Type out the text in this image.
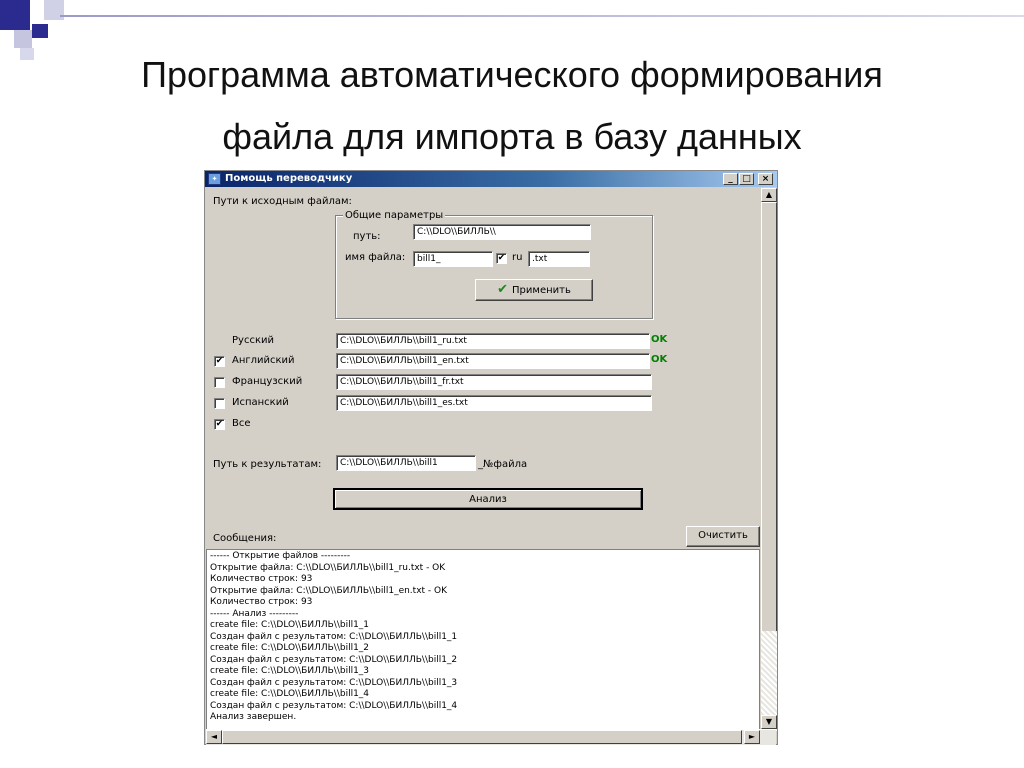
Программа автоматического формирования
файла для импорта в базу данных
✦ Помощь переводчику	_	□	×
Пути к исходным файлам:
Общие параметры
путь:	C:\\DLO\\БИЛЛЬ\\
имя файла:	bill1_	✔ ru	.txt
✔ Применить
Русский	C:\\DLO\\БИЛЛЬ\\bill1_ru.txt	OK
✔ Английский	C:\\DLO\\БИЛЛЬ\\bill1_en.txt	OK
Французский	C:\\DLO\\БИЛЛЬ\\bill1_fr.txt
Испанский	C:\\DLO\\БИЛЛЬ\\bill1_es.txt
✔ Все
Путь к результатам:	C:\\DLO\\БИЛЛЬ\\bill1	_№файла
Анализ
Сообщения:	Очистить
▲
------ Открытие файлов ---------
Открытие файла: C:\\DLO\\БИЛЛЬ\\bill1_ru.txt - OK
Количество строк: 93
Открытие файла: C:\\DLO\\БИЛЛЬ\\bill1_en.txt - OK
Количество строк: 93
------ Анализ ---------
create file: C:\\DLO\\БИЛЛЬ\\bill1_1
Создан файл с результатом: C:\\DLO\\БИЛЛЬ\\bill1_1
create file: C:\\DLO\\БИЛЛЬ\\bill1_2
Создан файл с результатом: C:\\DLO\\БИЛЛЬ\\bill1_2
create file: C:\\DLO\\БИЛЛЬ\\bill1_3
Создан файл с результатом: C:\\DLO\\БИЛЛЬ\\bill1_3
create file: C:\\DLO\\БИЛЛЬ\\bill1_4
Создан файл с результатом: C:\\DLO\\БИЛЛЬ\\bill1_4
Анализ завершен.	▼
◄	►
